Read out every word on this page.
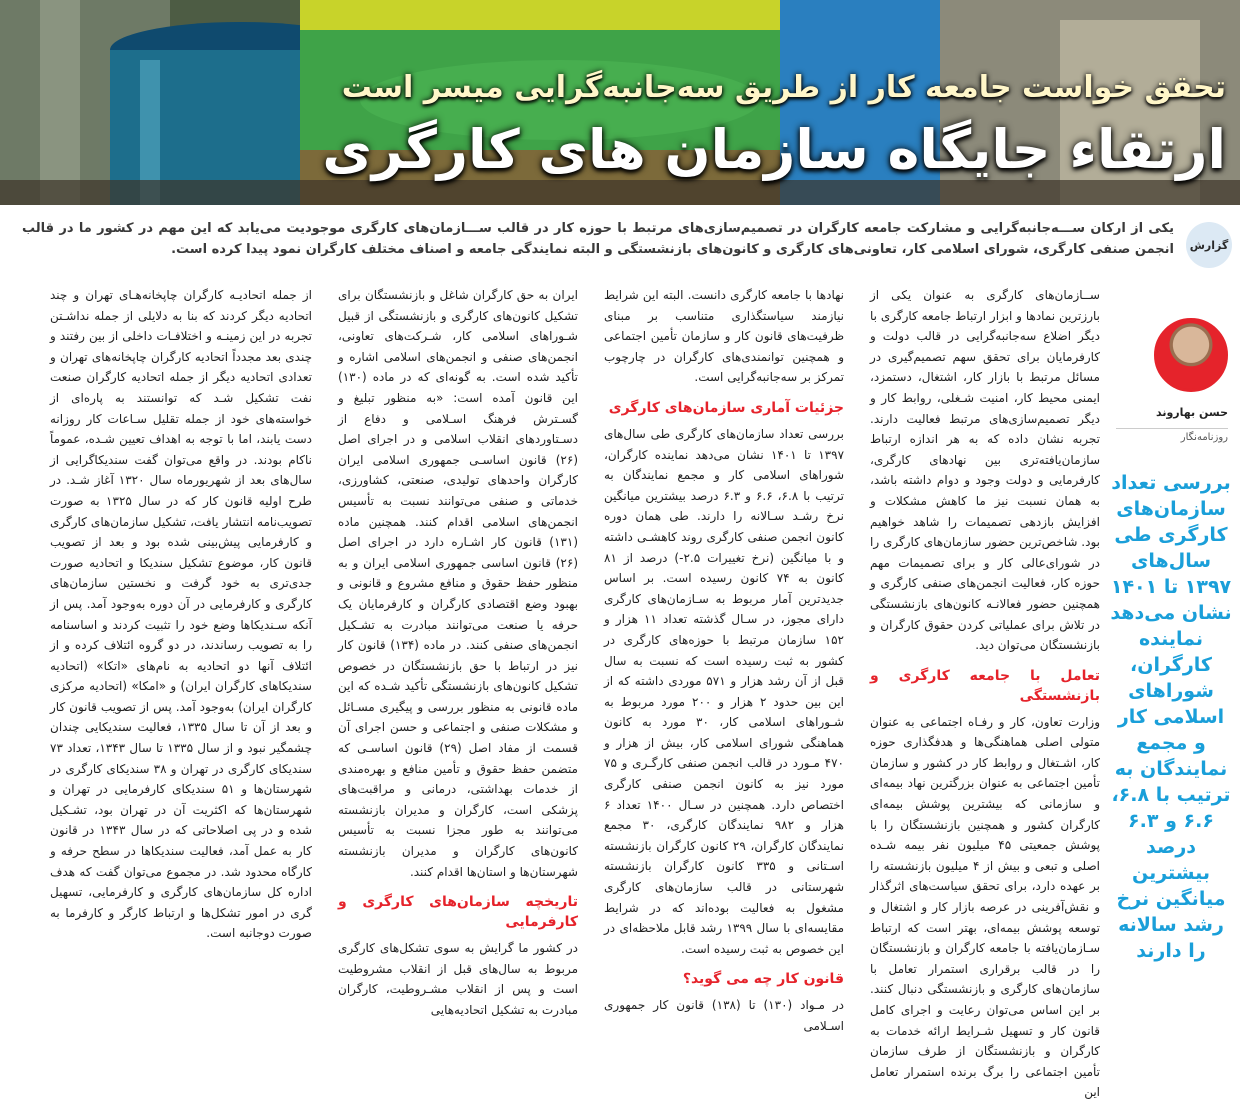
تحقق خواست جامعه کار از طریق سه‌جانبه‌گرایی میسر است
ارتقاء جایگاه سازمان های کارگری
گزارش
یکی از ارکان ســـه‌جانبه‌گرایی و مشارکت جامعه کارگران در تصمیم‌سازی‌های مرتبط با حوزه کار در قالب ســـازمان‌های کارگری موجودیت می‌یابد که این مهم در کشور ما در قالب انجمن صنفی کارگری، شورای اسلامی کار، تعاونی‌های کارگری و کانون‌های بازنشستگی و البته نمایندگی جامعه و اصناف مختلف کارگران نمود پیدا کرده است.
حسن بهاروند
روزنامه‌نگار
بررسی تعداد سازمان‌های کارگری طی سال‌های ۱۳۹۷ تا ۱۴۰۱ نشان می‌دهد نماینده کارگران، شوراهای اسلامی کار و مجمع نمایندگان به ترتیب با ۶.۸، ۶.۶ و ۶.۳ درصد بیشترین میانگین نرخ رشد سالانه را دارند

ســازمان‌های کارگری به عنوان یکی از بارزترین نمادها و ابزار ارتباط جامعه کارگری با دیگر اضلاع سه‌جانبه‌گرایی در قالب دولت و کارفرمایان برای تحقق سهم تصمیم‌گیری در مسائل مرتبط با بازار کار، اشتغال، دستمزد، ایمنی محیط کار، امنیت شـغلی، روابط کار و دیگر تصمیم‌سازی‌های مرتبط فعالیت دارند. تجربه نشان داده که به هر اندازه ارتباط سازمان‌یافته‌تری بین نهادهای کارگری، کارفرمایی و دولت وجود و دوام داشته باشد، به همان نسبت نیز ما کاهش مشکلات و افزایش بازدهی تصمیمات را شاهد خواهیم بود. شاخص‌ترین حضور سازمان‌های کارگری را در شورای‌عالی کار و برای تصمیمات مهم حوزه کار، فعالیت انجمن‌های صنفی کارگری و همچنین حضور فعالانـه کانون‌های بازنشستگی در تلاش برای عملیاتی کردن حقوق کارگران و بازنشستگان می‌توان دید.

تعامل با جامعه کارگری و بازنشستگی

وزارت تعاون، کار و رفـاه اجتماعی به عنوان متولی اصلی هماهنگی‌ها و هدفگذاری حوزه کار، اشـتغال و روابط کار در کشور و سازمان تأمین اجتماعی به عنوان بزرگترین نهاد بیمه‌ای و سازمانی که بیشترین پوشش بیمه‌ای کارگران کشور و همچنین بازنشستگان را با پوشش جمعیتی ۴۵ میلیون نفر بیمه شـده اصلی و تبعی و بیش از ۴ میلیون بازنشسته را بر عهده دارد، برای تحقق سیاست‌های اثرگذار و نقش‌آفرینی در عرصه بازار کار و اشتغال و توسعه پوشش بیمه‌ای، بهتر است که ارتباط سـازمان‌یافته با جامعه کارگران و بازنشستگان را در قالب برقراری استمرار تعامل با سازمان‌های کارگری و بازنشستگی دنبال کنند. بر این اساس می‌توان رعایت و اجرای کامل قانون کار و تسهیل شـرایط ارائه خدمات به کارگران و بازنشستگان از طرف سازمان تأمین اجتماعی را برگ برنده استمرار تعامل این

نهادها با جامعه کارگری دانست. البته این شرایط نیازمند سیاستگذاری متناسب بر مبنای ظرفیت‌های قانون کار و سازمان تأمین اجتماعی و همچنین توانمندی‌های کارگران در چارچوب تمرکز بر سه‌جانبه‌گرایی است.

جزئیات آماری سازمان‌های کارگری

بررسی تعداد سازمان‌های کارگری طی سال‌های ۱۳۹۷ تا ۱۴۰۱ نشان می‌دهد نماینده کارگران، شوراهای اسلامی کار و مجمع نمایندگان به ترتیب با ۶.۸، ۶.۶ و ۶.۳ درصد بیشترین میانگین نرخ رشـد سـالانه را دارند. طی همان دوره کانون انجمن صنفی کارگری روند کاهشـی داشته و با میانگین (نرخ تغییرات ۲.۵-) درصد از ۸۱ کانون به ۷۴ کانون رسیده است. بر اساس جدیدترین آمار مربوط به سـازمان‌های کارگری دارای مجوز، در سـال گذشته تعداد ۱۱ هزار و ۱۵۲ سازمان مرتبط با حوزه‌های کارگری در کشور به ثبت رسیده است که نسبت به سال قبل از آن رشد هزار و ۵۷۱ موردی داشته که از این بین حدود ۲ هزار و ۲۰۰ مورد مربوط به شـوراهای اسلامی کار، ۳۰ مورد به کانون هماهنگی شورای اسلامی کار، بیش از هزار و ۴۷۰ مـورد در قالب انجمن صنفی کارگـری و ۷۵ مورد نیز به کانون انجمن صنفی کارگری اختصاص دارد. همچنین در سـال ۱۴۰۰ تعداد ۶ هزار و ۹۸۲ نمایندگان کارگری، ۳۰ مجمع نمایندگان کارگران، ۲۹ کانون کارگران بازنشسته اسـتانی و ۳۳۵ کانون کارگران بازنشسته شهرستانی در قالب سازمان‌های کارگری مشغول به فعالیت بوده‌اند که در شرایط مقایسه‌ای با سال ۱۳۹۹ رشد قابل ملاحظه‌ای در این خصوص به ثبت رسیده است.

قانون کار چه می گوید؟

در مـواد (۱۳۰) تا (۱۳۸) قانون کار جمهوری اسـلامی

ایران به حق کارگران شاغل و بازنشستگان برای تشکیل کانون‌های کارگری و بازنشستگی از قبیل شـوراهای اسلامی کار، شـرکت‌های تعاونی، انجمن‌های صنفی و انجمن‌های اسلامی اشاره و تأکید شده است. به گونه‌ای که در ماده (۱۳۰) این قانون آمده است: «به منظور تبلیغ و گسـترش فرهنگ اسـلامی و دفاع از دسـتاوردهای انقلاب اسلامی و در اجرای اصل (۲۶) قانون اساسـی جمهوری اسلامی ایران کارگران واحدهای تولیدی، صنعتی، کشاورزی، خدماتی و صنفی می‌توانند نسبت به تأسیس انجمن‌های اسلامی اقدام کنند. همچنین ماده (۱۳۱) قانون کار اشـاره دارد در اجرای اصل (۲۶) قانون اساسی جمهوری اسلامی ایران و به منظور حفظ حقوق و منافع مشروع و قانونی و بهبود وضع اقتصادی کارگران و کارفرمایان یک حرفه یا صنعت می‌توانند مبادرت به تشـکیل انجمن‌های صنفی کنند. در ماده (۱۳۴) قانون کار نیز در ارتباط با حق بازنشستگان در خصوص تشکیل کانون‌های بازنشستگی تأکید شـده که این ماده قانونی به منظور بررسی و پیگیری مسـائل و مشکلات صنفی و اجتماعی و حسن اجرای آن قسمت از مفاد اصل (۲۹) قانون اساسـی که متضمن حفظ حقوق و تأمین منافع و بهره‌مندی از خدمات بهداشتی، درمانی و مراقبت‌های پزشکی است، کارگران و مدیران بازنشسته می‌توانند به طور مجزا نسبت به تأسیس کانون‌های کارگران و مدیران بازنشسته شهرستان‌ها و استان‌ها اقدام کنند.

تاریخچه سازمان‌های کارگری و کارفرمایی

در کشور ما گرایش به سوی تشکل‌های کارگری مربوط به سال‌های قبل از انقلاب مشروطیت است و پس از انقلاب مشـروطیت، کارگران مبادرت به تشکیل اتحادیه‌هایی

از جمله اتحادیـه کارگران چاپخانه‌هـای تهران و چند اتحادیه دیگر کردند که بنا به دلایلی از جمله نداشـتن تجربه در این زمینـه و اختلافـات داخلی از بین رفتند و چندی بعد مجدداً اتحادیه کارگران چاپخانه‌های تهران و تعدادی اتحادیه دیگر از جمله اتحادیه کارگران صنعت نفت تشکیل شـد که توانستند به پاره‌ای از خواسته‌های خود از جمله تقلیل سـاعات کار روزانه دست یابند، اما با توجه به اهداف تعیین شـده، عموماً ناکام بودند. در واقع می‌توان گفت سندیکاگرایی از سال‌های بعد از شهریورماه سال ۱۳۲۰ آغاز شـد. در طرح اولیه قانون کار که در سال ۱۳۲۵ به صورت تصویب‌نامه انتشار یافت، تشکیل سازمان‌های کارگری و کارفرمایی پیش‌بینی شده بود و بعد از تصویب قانون کار، موضوع تشکیل سندیکا و اتحادیه صورت جدی‌تری به خود گرفت و نخستین سازمان‌های کارگری و کارفرمایی در آن دوره به‌وجود آمد. پس از آنکه سـندیکاها وضع خود را تثبیت کردند و اساسنامه را به تصویب رساندند، در دو گروه ائتلاف کرده و از ائتلاف آنها دو اتحادیه به نام‌های «اتکا» (اتحادیه سندیکاهای کارگران ایران) و «امکا» (اتحادیه مرکزی کارگران ایران) به‌وجود آمد. پس از تصویب قانون کار و بعد از آن تا سال ۱۳۳۵، فعالیت سندیکایی چندان چشمگیر نبود و از سال ۱۳۳۵ تا سال ۱۳۴۳، تعداد ۷۳ سندیکای کارگری در تهران و ۳۸ سندیکای کارگری در شهرستان‌ها و ۵۱ سندیکای کارفرمایی در تهران و شهرستان‌ها که اکثریت آن در تهران بود، تشـکیل شده و در پی اصلاحاتی که در سال ۱۳۴۳ در قانون کار به عمل آمد، فعالیت سندیکاها در سطح حرفه و کارگاه محدود شد. در مجموع می‌توان گفت که هدف اداره کل سازمان‌های کارگری و کارفرمایی، تسهیل گری در امور تشکل‌ها و ارتباط کارگر و کارفرما به صورت دوجانبه است.
